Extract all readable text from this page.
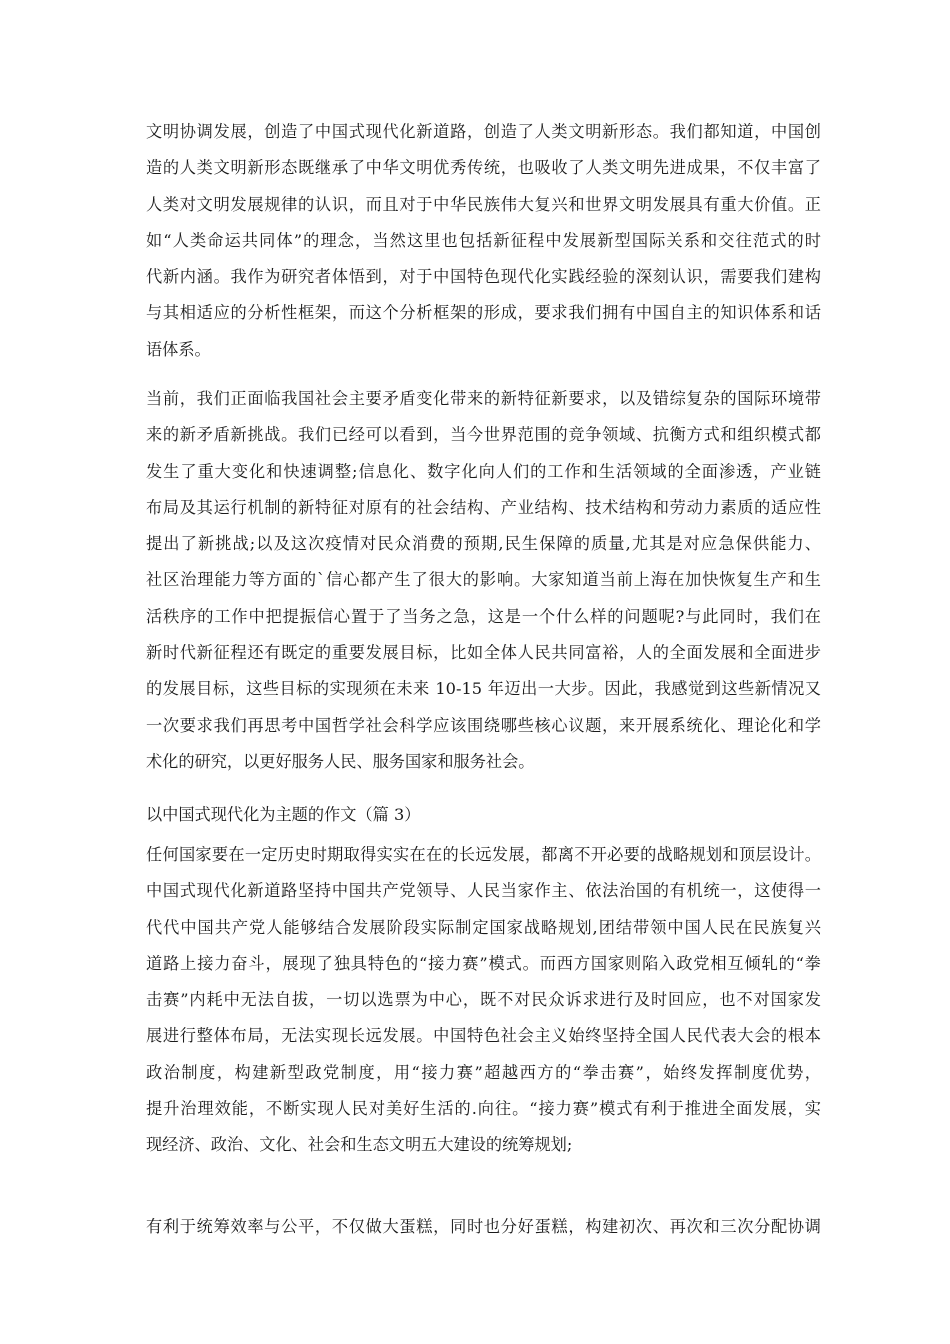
文明协调发展，创造了中国式现代化新道路，创造了人类文明新形态。我们都知道，中国创
造的人类文明新形态既继承了中华文明优秀传统，也吸收了人类文明先进成果，不仅丰富了
人类对文明发展规律的认识，而且对于中华民族伟大复兴和世界文明发展具有重大价值。正
如“人类命运共同体”的理念，当然这里也包括新征程中发展新型国际关系和交往范式的时
代新内涵。我作为研究者体悟到，对于中国特色现代化实践经验的深刻认识，需要我们建构
与其相适应的分析性框架，而这个分析框架的形成，要求我们拥有中国自主的知识体系和话
语体系。
当前，我们正面临我国社会主要矛盾变化带来的新特征新要求，以及错综复杂的国际环境带
来的新矛盾新挑战。我们已经可以看到，当今世界范围的竞争领域、抗衡方式和组织模式都
发生了重大变化和快速调整;信息化、数字化向人们的工作和生活领域的全面渗透，产业链
布局及其运行机制的新特征对原有的社会结构、产业结构、技术结构和劳动力素质的适应性
提出了新挑战;以及这次疫情对民众消费的预期,民生保障的质量,尤其是对应急保供能力、
社区治理能力等方面的`信心都产生了很大的影响。大家知道当前上海在加快恢复生产和生
活秩序的工作中把提振信心置于了当务之急，这是一个什么样的问题呢?与此同时，我们在
新时代新征程还有既定的重要发展目标，比如全体人民共同富裕，人的全面发展和全面进步
的发展目标，这些目标的实现须在未来 10-15 年迈出一大步。因此，我感觉到这些新情况又
一次要求我们再思考中国哲学社会科学应该围绕哪些核心议题，来开展系统化、理论化和学
术化的研究，以更好服务人民、服务国家和服务社会。
以中国式现代化为主题的作文（篇 3）
任何国家要在一定历史时期取得实实在在的长远发展，都离不开必要的战略规划和顶层设计。
中国式现代化新道路坚持中国共产党领导、人民当家作主、依法治国的有机统一，这使得一
代代中国共产党人能够结合发展阶段实际制定国家战略规划,团结带领中国人民在民族复兴
道路上接力奋斗，展现了独具特色的“接力赛”模式。而西方国家则陷入政党相互倾轧的“拳
击赛”内耗中无法自拔，一切以选票为中心，既不对民众诉求进行及时回应，也不对国家发
展进行整体布局，无法实现长远发展。中国特色社会主义始终坚持全国人民代表大会的根本
政治制度，构建新型政党制度，用“接力赛”超越西方的“拳击赛”，始终发挥制度优势，
提升治理效能，不断实现人民对美好生活的.向往。“接力赛”模式有利于推进全面发展，实
现经济、政治、文化、社会和生态文明五大建设的统筹规划;
有利于统筹效率与公平，不仅做大蛋糕，同时也分好蛋糕，构建初次、再次和三次分配协调
